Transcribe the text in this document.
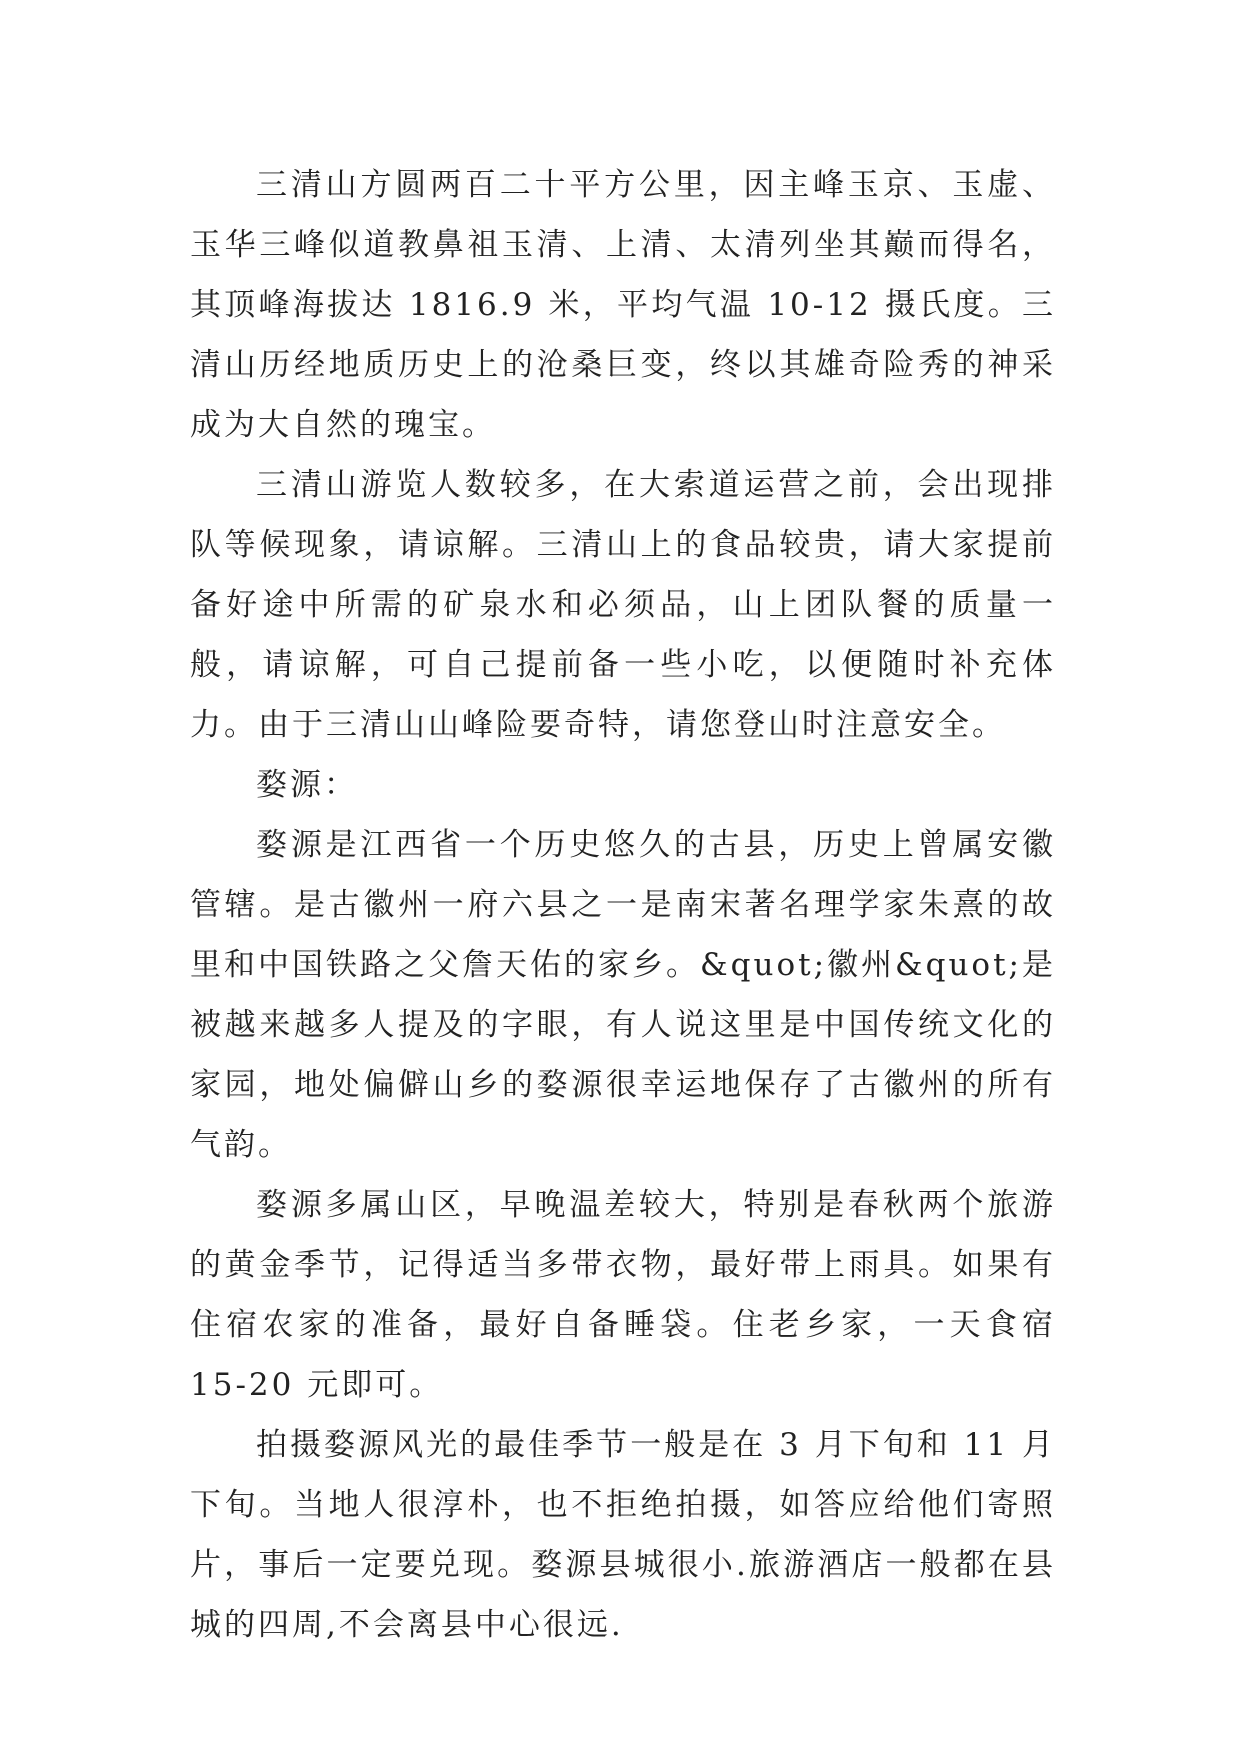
三清山方圆两百二十平方公里，因主峰玉京、玉虚、玉华三峰似道教鼻祖玉清、上清、太清列坐其巅而得名，其顶峰海拔达 1816.9 米，平均气温 10-12 摄氏度。三清山历经地质历史上的沧桑巨变，终以其雄奇险秀的神采成为大自然的瑰宝。

三清山游览人数较多，在大索道运营之前，会出现排队等候现象，请谅解。三清山上的食品较贵，请大家提前备好途中所需的矿泉水和必须品，山上团队餐的质量一般，请谅解，可自己提前备一些小吃，以便随时补充体力。由于三清山山峰险要奇特，请您登山时注意安全。

婺源：

婺源是江西省一个历史悠久的古县，历史上曾属安徽管辖。是古徽州一府六县之一是南宋著名理学家朱熹的故里和中国铁路之父詹天佑的家乡。&quot;徽州&quot;是被越来越多人提及的字眼，有人说这里是中国传统文化的家园，地处偏僻山乡的婺源很幸运地保存了古徽州的所有气韵。

婺源多属山区，早晚温差较大，特别是春秋两个旅游的黄金季节，记得适当多带衣物，最好带上雨具。如果有住宿农家的准备，最好自备睡袋。住老乡家，一天食宿 15-20 元即可。

拍摄婺源风光的最佳季节一般是在 3 月下旬和 11 月下旬。当地人很淳朴，也不拒绝拍摄，如答应给他们寄照片，事后一定要兑现。婺源县城很小.旅游酒店一般都在县城的四周,不会离县中心很远.
